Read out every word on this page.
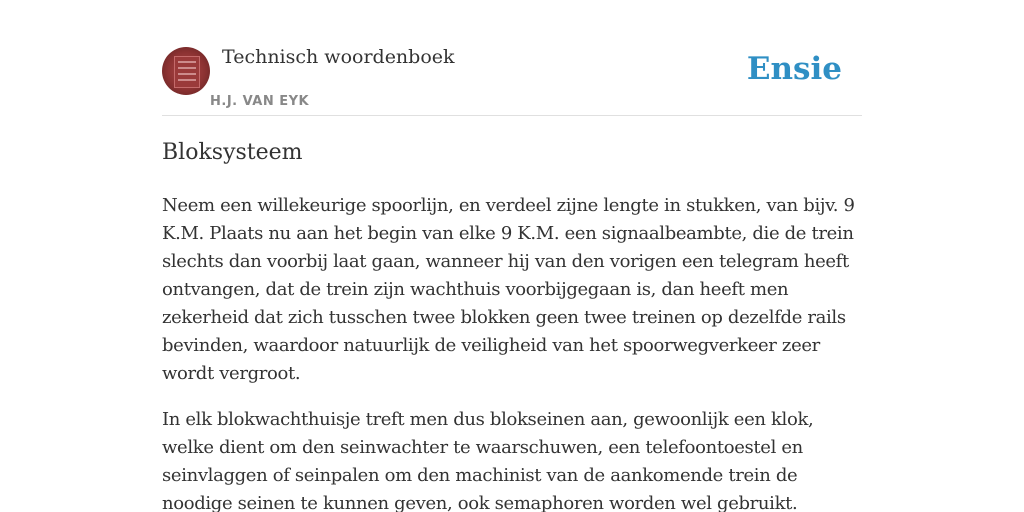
Technisch woordenboek
H.J. VAN EYK
Ensie
Bloksysteem

Neem een willekeurige spoorlijn, en verdeel zijne lengte in stukken, van bijv. 9 K.M. Plaats nu aan het begin van elke 9 K.M. een signaalbeambte, die de trein slechts dan voorbij laat gaan, wanneer hij van den vorigen een telegram heeft ontvangen, dat de trein zijn wachthuis voorbijgegaan is, dan heeft men zekerheid dat zich tusschen twee blokken geen twee treinen op dezelfde rails bevinden, waardoor natuurlijk de veiligheid van het spoorwegverkeer zeer wordt vergroot.

In elk blokwachthuisje treft men dus blokseinen aan, gewoonlijk een klok, welke dient om den seinwachter te waarschuwen, een telefoontoestel en seinvlaggen of seinpalen om den machinist van de aankomende trein de noodige seinen te kunnen geven, ook semaphoren worden wel gebruikt.
